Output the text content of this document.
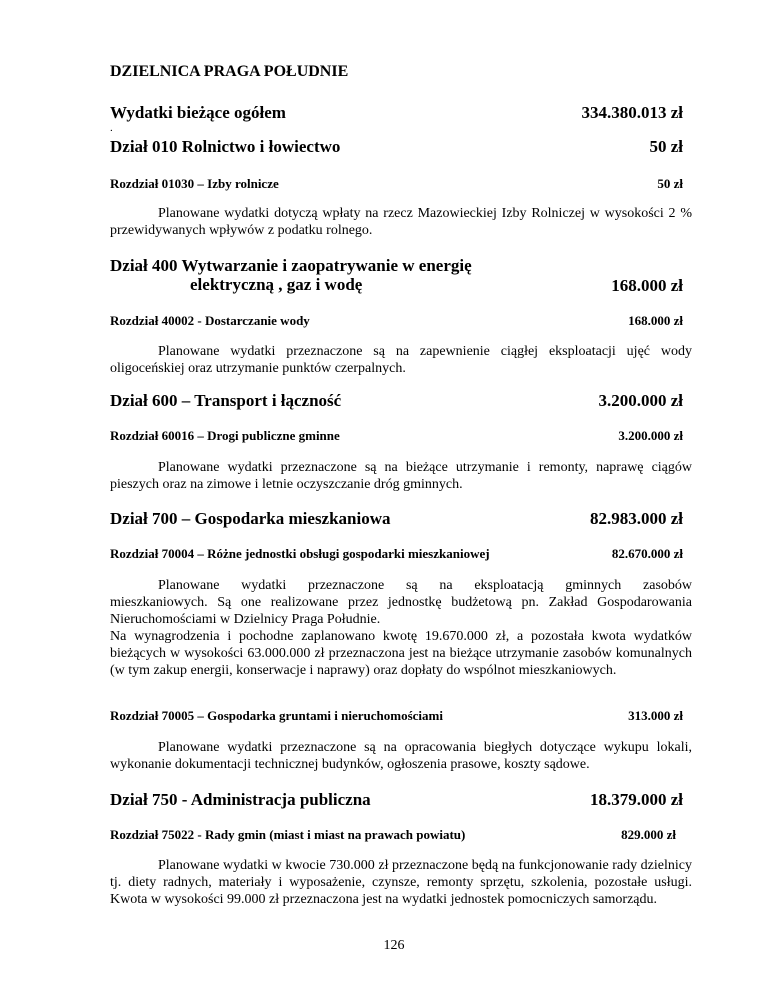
DZIELNICA PRAGA POŁUDNIE
Wydatki bieżące ogółem	334.380.013 zł
.
Dział 010 Rolnictwo i łowiectwo	50 zł
Rozdział 01030 – Izby rolnicze	50 zł
Planowane wydatki dotyczą wpłaty na rzecz Mazowieckiej Izby Rolniczej w wysokości 2 % przewidywanych wpływów z podatku rolnego.
Dział 400 Wytwarzanie i zaopatrywanie w energię
elektryczną , gaz i wodę	168.000 zł
Rozdział 40002 - Dostarczanie wody	168.000 zł
Planowane wydatki przeznaczone są na zapewnienie ciągłej eksploatacji ujęć wody oligoceńskiej oraz utrzymanie punktów czerpalnych.
Dział 600 – Transport i łączność	3.200.000 zł
Rozdział 60016 – Drogi publiczne gminne	3.200.000 zł
Planowane wydatki przeznaczone są na bieżące utrzymanie i remonty, naprawę ciągów pieszych oraz na zimowe i letnie oczyszczanie dróg gminnych.
Dział 700 – Gospodarka mieszkaniowa	82.983.000 zł
Rozdział 70004 – Różne jednostki obsługi gospodarki mieszkaniowej	82.670.000 zł
Planowane wydatki przeznaczone są na eksploatacją gminnych zasobów
mieszkaniowych. Są one realizowane przez jednostkę budżetową pn. Zakład Gospodarowania Nieruchomościami w Dzielnicy Praga Południe.
Na wynagrodzenia i pochodne zaplanowano kwotę 19.670.000 zł, a pozostała kwota wydatków bieżących w wysokości 63.000.000 zł przeznaczona jest na bieżące utrzymanie zasobów komunalnych (w tym zakup energii, konserwacje i naprawy) oraz dopłaty do wspólnot mieszkaniowych.
Rozdział 70005 – Gospodarka gruntami i nieruchomościami	313.000 zł
Planowane wydatki przeznaczone są na opracowania biegłych dotyczące wykupu lokali, wykonanie dokumentacji technicznej budynków, ogłoszenia prasowe, koszty sądowe.
Dział 750 - Administracja publiczna	18.379.000 zł
Rozdział 75022 - Rady gmin (miast i miast na prawach powiatu)	829.000 zł
Planowane wydatki w kwocie 730.000 zł przeznaczone będą na funkcjonowanie rady dzielnicy tj. diety radnych, materiały i wyposażenie, czynsze, remonty sprzętu, szkolenia, pozostałe usługi. Kwota w wysokości 99.000 zł przeznaczona jest na wydatki jednostek pomocniczych samorządu.
126
